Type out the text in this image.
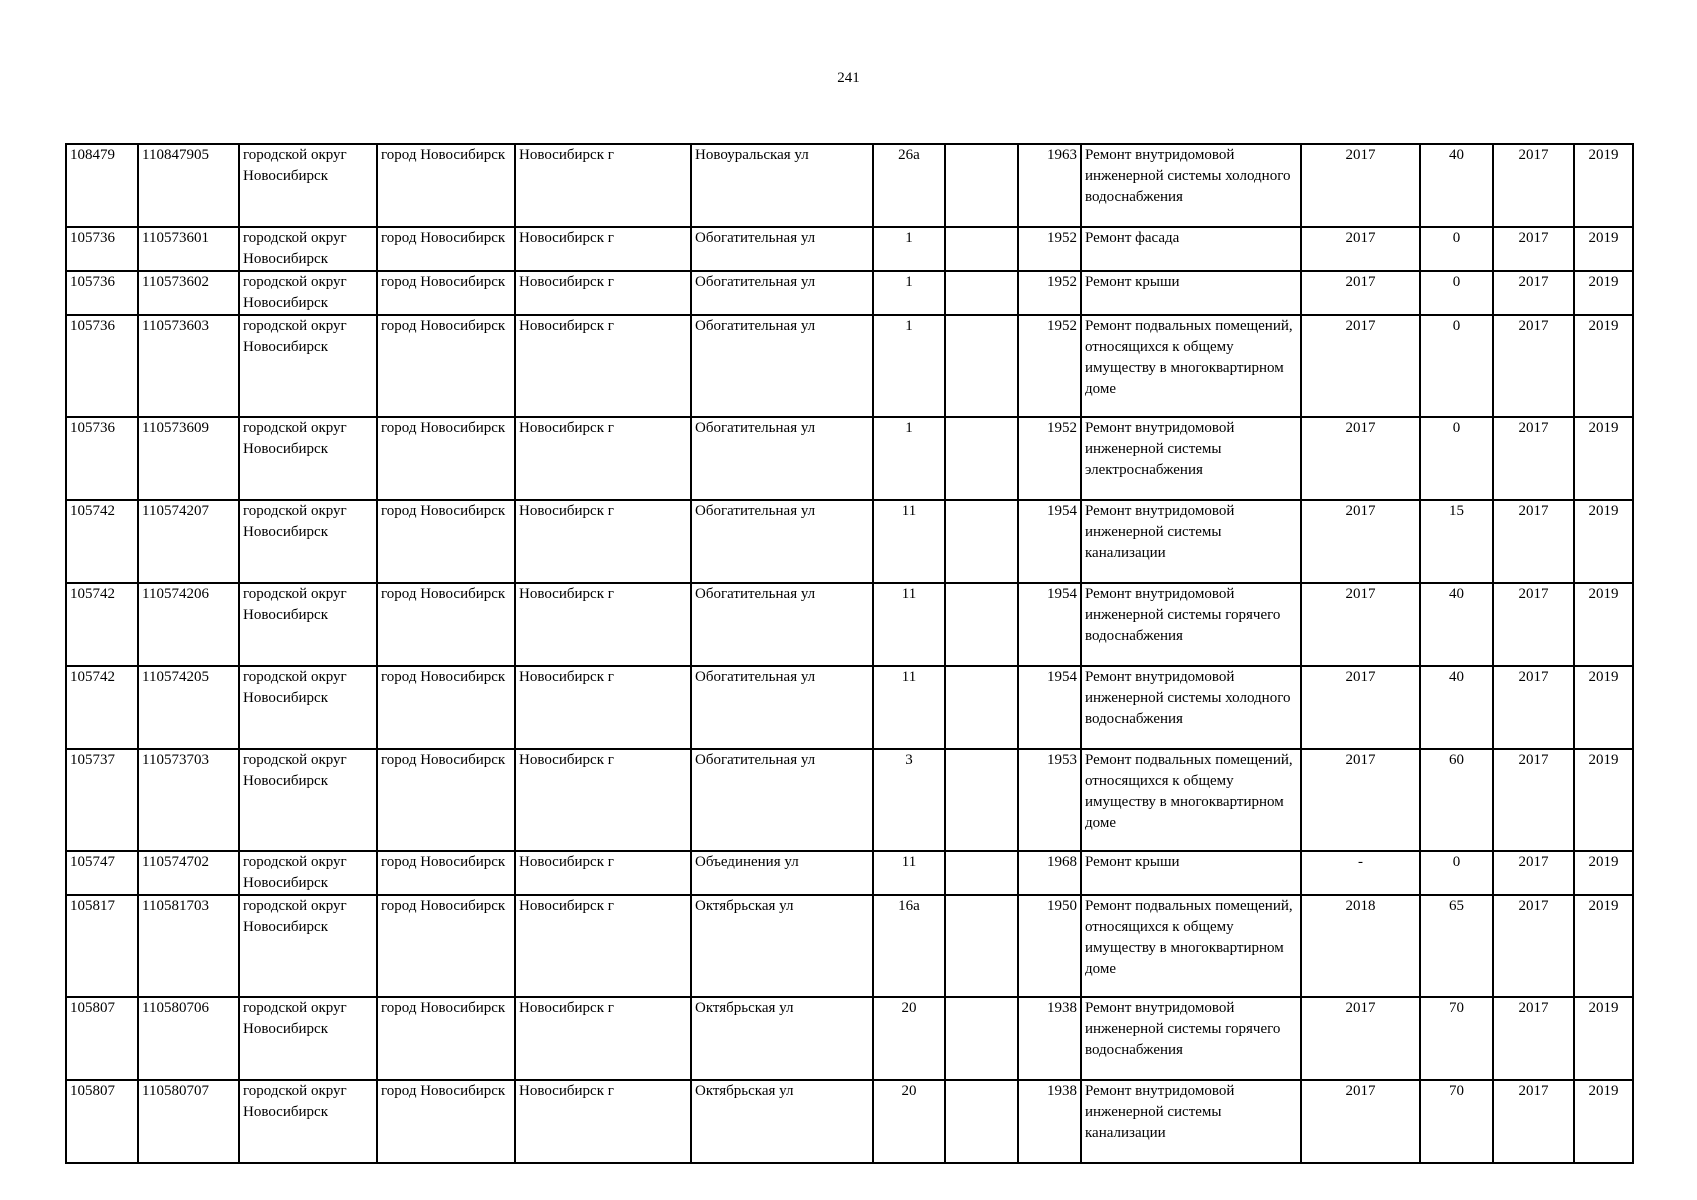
241
108479	110847905	городской округ Новосибирск	город Новосибирск	Новосибирск г	Новоуральская ул	26а		1963	Ремонт внутридомовой инженерной системы холодного водоснабжения	2017	40	2017	2019
105736	110573601	городской округ Новосибирск	город Новосибирск	Новосибирск г	Обогатительная ул	1		1952	Ремонт фасада	2017	0	2017	2019
105736	110573602	городской округ Новосибирск	город Новосибирск	Новосибирск г	Обогатительная ул	1		1952	Ремонт крыши	2017	0	2017	2019
105736	110573603	городской округ Новосибирск	город Новосибирск	Новосибирск г	Обогатительная ул	1		1952	Ремонт подвальных помещений, относящихся к общему имуществу в многоквартирном доме	2017	0	2017	2019
105736	110573609	городской округ Новосибирск	город Новосибирск	Новосибирск г	Обогатительная ул	1		1952	Ремонт внутридомовой инженерной системы электроснабжения	2017	0	2017	2019
105742	110574207	городской округ Новосибирск	город Новосибирск	Новосибирск г	Обогатительная ул	11		1954	Ремонт внутридомовой инженерной системы канализации	2017	15	2017	2019
105742	110574206	городской округ Новосибирск	город Новосибирск	Новосибирск г	Обогатительная ул	11		1954	Ремонт внутридомовой инженерной системы горячего водоснабжения	2017	40	2017	2019
105742	110574205	городской округ Новосибирск	город Новосибирск	Новосибирск г	Обогатительная ул	11		1954	Ремонт внутридомовой инженерной системы холодного водоснабжения	2017	40	2017	2019
105737	110573703	городской округ Новосибирск	город Новосибирск	Новосибирск г	Обогатительная ул	3		1953	Ремонт подвальных помещений, относящихся к общему имуществу в многоквартирном доме	2017	60	2017	2019
105747	110574702	городской округ Новосибирск	город Новосибирск	Новосибирск г	Объединения ул	11		1968	Ремонт крыши	-	0	2017	2019
105817	110581703	городской округ Новосибирск	город Новосибирск	Новосибирск г	Октябрьская ул	16а		1950	Ремонт подвальных помещений, относящихся к общему имуществу в многоквартирном доме	2018	65	2017	2019
105807	110580706	городской округ Новосибирск	город Новосибирск	Новосибирск г	Октябрьская ул	20		1938	Ремонт внутридомовой инженерной системы горячего водоснабжения	2017	70	2017	2019
105807	110580707	городской округ Новосибирск	город Новосибирск	Новосибирск г	Октябрьская ул	20		1938	Ремонт внутридомовой инженерной системы канализации	2017	70	2017	2019
